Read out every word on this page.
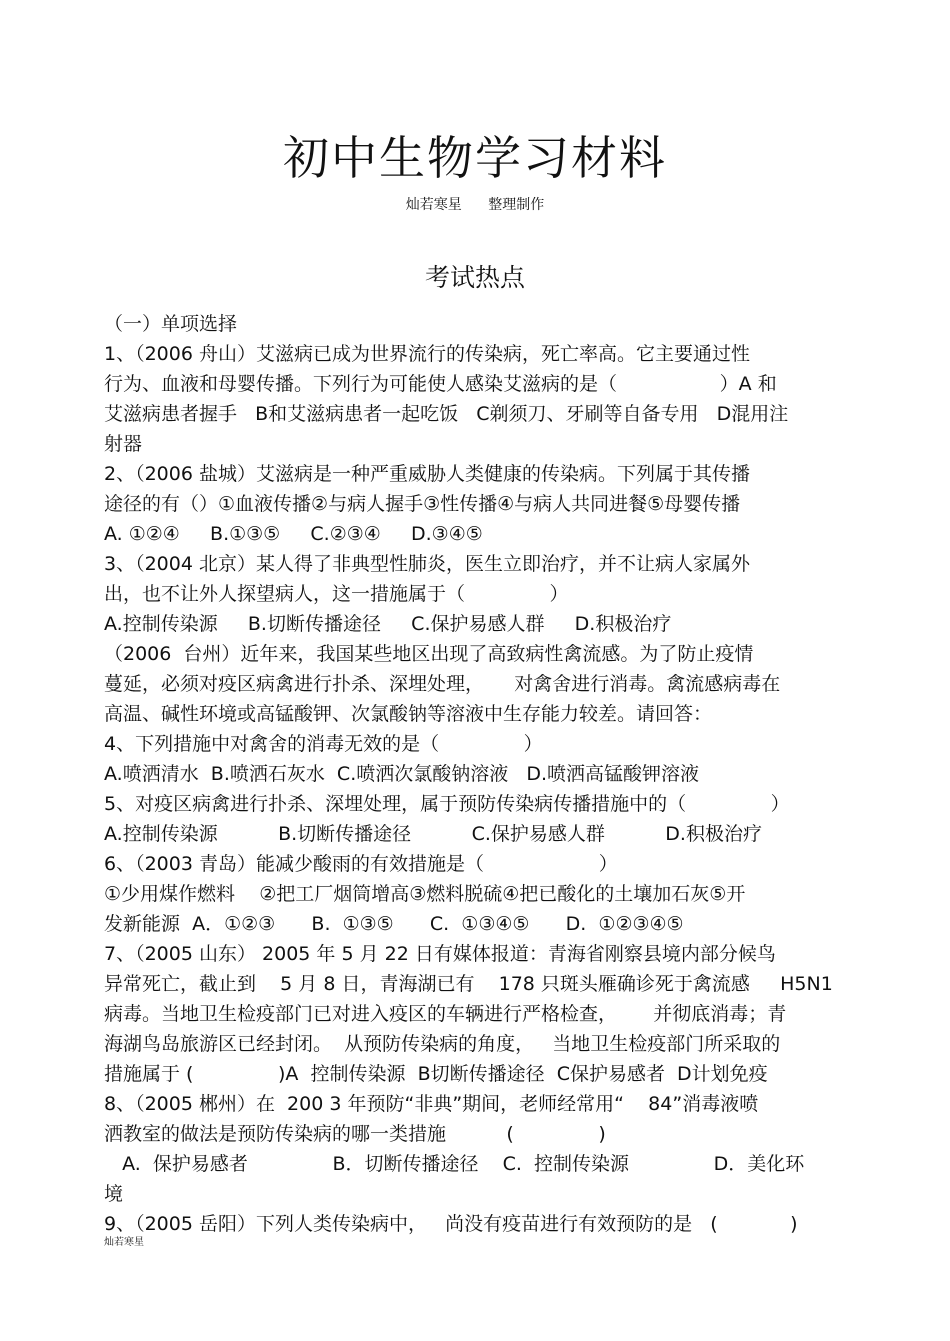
初中生物学习材料
灿若寒星 整理制作
考试热点
（一）单项选择
1、（2006 舟山）艾滋病已成为世界流行的传染病，死亡率高。它主要通过性
行为、血液和母婴传播。下列行为可能使人感染艾滋病的是（                 ）A 和
艾滋病患者握手   B和艾滋病患者一起吃饭   C剃须刀、牙刷等自备专用   D混用注
射器
2、（2006 盐城）艾滋病是一种严重威胁人类健康的传染病。下列属于其传播
途径的有（）①血液传播②与病人握手③性传播④与病人共同进餐⑤母婴传播
A. ①②④     B.①③⑤     C.②③④     D.③④⑤
3、（2004 北京）某人得了非典型性肺炎，医生立即治疗，并不让病人家属外
出，也不让外人探望病人，这一措施属于（              ）
A.控制传染源     B.切断传播途径     C.保护易感人群     D.积极治疗
（2006  台州）近年来，我国某些地区出现了高致病性禽流感。为了防止疫情
蔓延，必须对疫区病禽进行扑杀、深埋处理，     对禽舍进行消毒。禽流感病毒在
高温、碱性环境或高锰酸钾、次氯酸钠等溶液中生存能力较差。请回答：
4、下列措施中对禽舍的消毒无效的是（              ）
A.喷洒清水  B.喷洒石灰水  C.喷洒次氯酸钠溶液   D.喷洒高锰酸钾溶液
5、对疫区病禽进行扑杀、深埋处理，属于预防传染病传播措施中的（              ）
A.控制传染源          B.切断传播途径          C.保护易感人群          D.积极治疗
6、（2003 青岛）能减少酸雨的有效措施是（                   ）
①少用煤作燃料    ②把工厂烟筒增高③燃料脱硫④把已酸化的土壤加石灰⑤开
发新能源  A．①②③      B.  ①③⑤      C.  ①③④⑤      D.  ①②③④⑤
7、（2005 山东） 2005 年 5 月 22 日有媒体报道：青海省刚察县境内部分候鸟
异常死亡，截止到    5 月 8 日，青海湖已有    178 只斑头雁确诊死于禽流感     H5N1
病毒。当地卫生检疫部门已对进入疫区的车辆进行严格检查，      并彻底消毒；青
海湖鸟岛旅游区已经封闭。  从预防传染病的角度，   当地卫生检疫部门所采取的
措施属于 (              )A  控制传染源  B切断传播途径  C保护易感者  D计划免疫
8、（2005 郴州）在  200 3 年预防“非典”期间，老师经常用“    84”消毒液喷
洒教室的做法是预防传染病的哪一类措施          (              )
A.  保护易感者              B．切断传播途径    C.  控制传染源              D．美化环
境
9、（2005 岳阳）下列人类传染病中，   尚没有疫苗进行有效预防的是   (            )
灿若寒星
